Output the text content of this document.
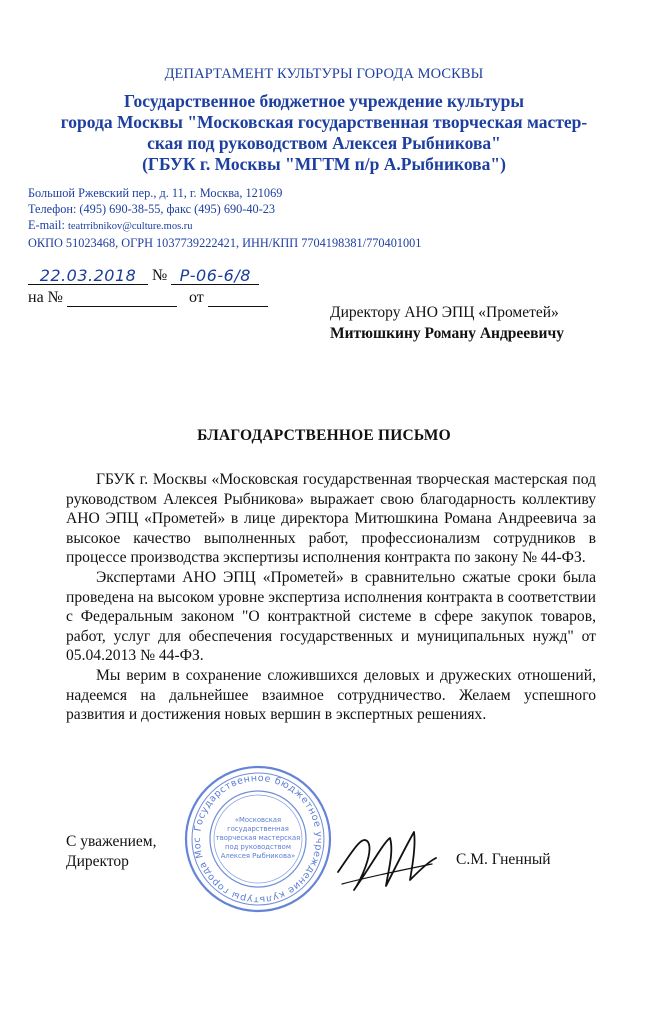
ДЕПАРТАМЕНТ КУЛЬТУРЫ ГОРОДА МОСКВЫ
Государственное бюджетное учреждение культуры
города Москвы "Московская государственная творческая мастер-
ская под руководством Алексея Рыбникова"
(ГБУК г. Москвы "МГТМ п/р А.Рыбникова")
Большой Ржевский пер., д. 11, г. Москва, 121069
Телефон: (495) 690-38-55, факс (495) 690-40-23
E-mail: teatrribnikov@culture.mos.ru
ОКПО 51023468, ОГРН 1037739222421, ИНН/КПП 7704198381/770401001
22.03.2018 № Р-06-6/8
на №	от
Директору АНО ЭПЦ «Прометей»
Митюшкину Роману Андреевичу
БЛАГОДАРСТВЕННОЕ ПИСЬМО

ГБУК г. Москвы «Московская государственная творческая мастерская под руководством Алексея Рыбникова» выражает свою благодарность коллективу АНО ЭПЦ «Прометей» в лице директора Митюшкина Романа Андреевича за высокое качество выполненных работ, профессионализм сотрудников в процессе производства экспертизы исполнения контракта по закону № 44-ФЗ.

Экспертами АНО ЭПЦ «Прометей» в сравнительно сжатые сроки была проведена на высоком уровне экспертиза исполнения контракта в соответствии с Федеральным законом "О контрактной системе в сфере закупок товаров, работ, услуг для обеспечения государственных и муниципальных нужд" от 05.04.2013 № 44-ФЗ.

Мы верим в сохранение сложившихся деловых и дружеских отношений, надеемся на дальнейшее взаимное сотрудничество. Желаем успешного развития и достижения новых вершин в экспертных решениях.

С уважением,
Директор
Государственное бюджетное учреждение культуры города Мос
«Московская
государственная
творческая мастерская
под руководством
Алексея Рыбникова»	С.М. Гненный
